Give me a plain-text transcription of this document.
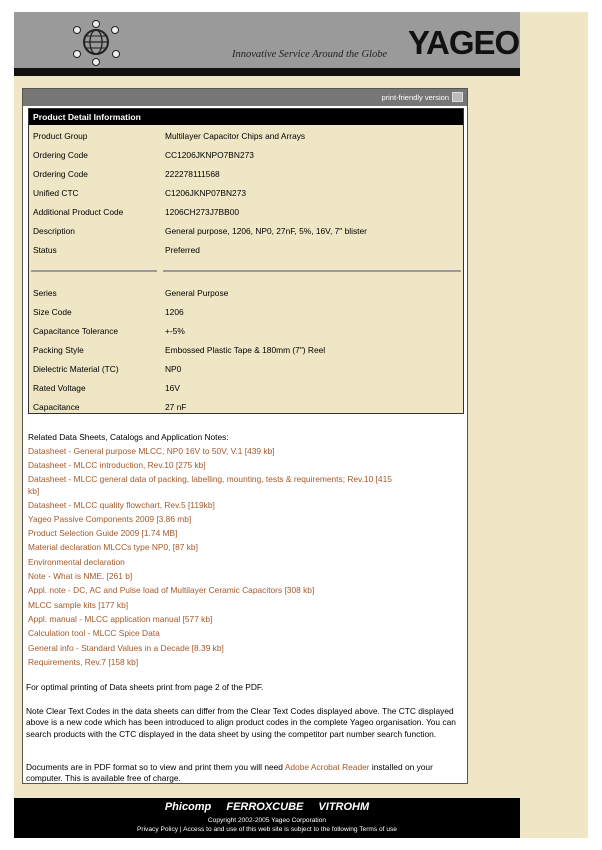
Innovative Service Around the Globe YAGEO
print-friendly version
Product Detail Information
Product Group	Multilayer Capacitor Chips and Arrays
Ordering Code	CC1206JKNPO7BN273
Ordering Code	222278111568
Unified CTC	C1206JKNP07BN273
Additional Product Code	1206CH273J7BB00
Description	General purpose, 1206, NP0, 27nF, 5%, 16V, 7" blister
Status	Preferred
Series	General Purpose
Size Code	1206
Capacitance Tolerance	+-5%
Packing Style	Embossed Plastic Tape & 180mm (7") Reel
Dielectric Material (TC)	NP0
Rated Voltage	16V
Capacitance	27 nF
Related Data Sheets, Catalogs and Application Notes:
Datasheet - General purpose MLCC, NP0 16V to 50V, V.1 [439 kb]
Datasheet - MLCC introduction, Rev.10 [275 kb]
Datasheet - MLCC general data of packing, labelling, mounting, tests & requirements; Rev.10 [415
kb]
Datasheet - MLCC quality flowchart, Rev.5 [119kb]
Yageo Passive Components 2009 [3.86 mb]
Product Selection Guide 2009 [1.74 MB]
Material declaration MLCCs type NP0, [87 kb]
Environmental declaration
Note - What is NME. [261 b]
Appl. note - DC, AC and Pulse load of Multilayer Ceramic Capacitors [308 kb]
MLCC sample kits [177 kb]
Appl. manual - MLCC application manual [577 kb]
Calculation tool - MLCC Spice Data
General info - Standard Values in a Decade [8.39 kb]
Requirements, Rev.7 [158 kb]
For optimal printing of Data sheets print from page 2 of the PDF.
Note Clear Text Codes in the data sheets can differ from the Clear Text Codes displayed above. The CTC displayed above is a new code which has been introduced to align product codes in the complete Yageo organisation. You can search products with the CTC displayed in the data sheet by using the competitor part number search function.
Documents are in PDF format so to view and print them you will need Adobe Acrobat Reader installed on your computer. This is available free of charge.
Phicomp FERROXCUBE VITROHM
Copyright 2002-2005 Yageo Corporation
Privacy Policy | Access to and use of this web site is subject to the following Terms of use
